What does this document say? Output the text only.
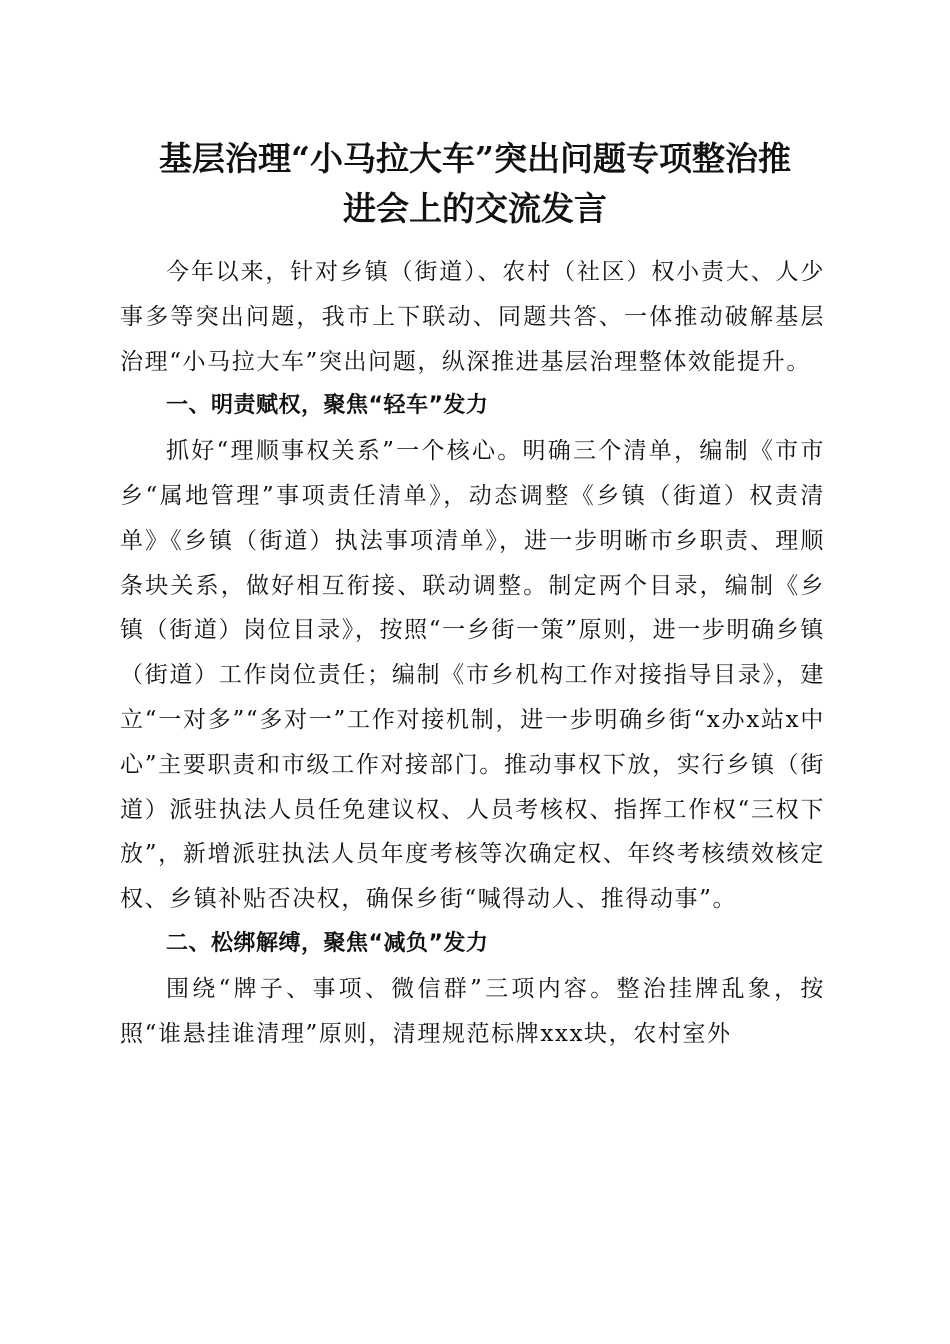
基层治理“小马拉大车”突出问题专项整治推
进会上的交流发言

今年以来，针对乡镇（街道）、农村（社区）权小责大、人少事多等突出问题，我市上下联动、同题共答、一体推动破解基层治理“小马拉大车”突出问题，纵深推进基层治理整体效能提升。

一、明责赋权，聚焦“轻车”发力

抓好“理顺事权关系”一个核心。明确三个清单，编制《市市乡“属地管理”事项责任清单》，动态调整《乡镇（街道）权责清单》《乡镇（街道）执法事项清单》，进一步明晰市乡职责、理顺条块关系，做好相互衔接、联动调整。制定两个目录，编制《乡镇（街道）岗位目录》，按照“一乡街一策”原则，进一步明确乡镇（街道）工作岗位责任；编制《市乡机构工作对接指导目录》，建立“一对多”“多对一”工作对接机制，进一步明确乡街“x办x站x中心”主要职责和市级工作对接部门。推动事权下放，实行乡镇（街道）派驻执法人员任免建议权、人员考核权、指挥工作权“三权下放”，新增派驻执法人员年度考核等次确定权、年终考核绩效核定权、乡镇补贴否决权，确保乡街“喊得动人、推得动事”。

二、松绑解缚，聚焦“减负”发力

围绕“牌子、事项、微信群”三项内容。整治挂牌乱象，按照“谁悬挂谁清理”原则，清理规范标牌xxx块，农村室外
